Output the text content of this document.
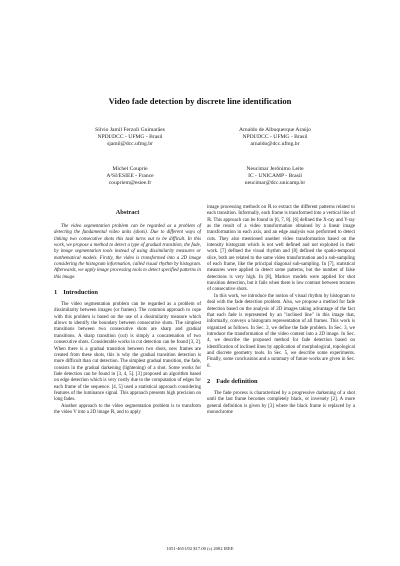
Video fade detection by discrete line identification
Silvio Jamil Ferzoli Guimarães
NPDI/DCC - UFMG - Brasil
sjamil@dcc.ufmg.br
Arnaldo de Albuquerque Araújo
NPDI/DCC - UFMG - Brasil
arnaldo@dcc.ufmg.br
Michel Couprie
A²SI/ESIEE - France
coupriem@esiee.fr
Neucimar Jerônimo Leite
IC - UNICAMP - Brasil
neucimar@dcc.unicamp.br
Abstract

The video segmentation problem can be regarded as a problem of detecting the fundamental video units (shots). Due to different ways of linking two consecutive shots this task turns out to be difficult. In this work, we propose a method to detect a type of gradual transition, the fade, by image segmentation tools instead of using dissimilarity measures or mathematical models. Firstly, the video is transformed into a 2D image considering the histogram information, called visual rhythm by histogram. Afterwards, we apply image processing tools to detect specified patterns in this image.

1 Introduction

The video segmentation problem can be regarded as a problem of dissimilarity between images (or frames). The common approach to cope with this problem is based on the use of a dissimilarity measure which allows to identify the boundary between consecutive shots. The simplest transitions between two consecutive shots are sharp and gradual transitions. A sharp transition (cut) is simply a concatenation of two consecutive shots. Considerable works in cut detection can be found [3, 2]. When there is a gradual transition between two shots, new frames are created from these shots, this is why the gradual transition detection is more difficult than cut detection. The simplest gradual transition, the fade, consists in the gradual darkening (lightening) of a shot. Some works for fade detection can be found in [3, 4, 5]. [3] proposed an algorithm based on edge detection which is very costly due to the computation of edges for each frame of the sequence. [4, 5] used a statistical approach considering features of the luminance signal. This approach presents high precision on long fades.

Another approach to the video segmentation problem is to transform the video V into a 2D image ℝ, and to apply

image processing methods on ℝ to extract the different patterns related to each transition. Informally, each frame is transformed into a vertical line of ℝ. This approach can be found in [6, 7, 8]. [6] defined the X-ray and Y-ray as the result of a video transformation obtained by a linear image transformation in each axis, and an edge analysis was performed to detect cuts. They also mentioned another video transformation based on the intensity histogram which is not well defined and not exploited in their work. [7] defined the visual rhythm and [8] defined the spatio-temporal slice, both are related to the same video transformation and a sub-sampling of each frame, like the principal diagonal sub-sampling. In [7], statistical measures were applied to detect some patterns, but the number of false detections is very high. In [8], Markov models were applied for shot transition detection, but it fails when there is low contrast between textures of consecutive shots.

In this work, we introduce the notion of visual rhythm by histogram to deal with the fade detection problem. Also, we propose a method for fade detection based on the analysis of 2D images taking advantage of the fact that each fade is represented by an "inclined line" in this image that, informally, conveys a histogram representation of all frames. This work is organized as follows. In Sec. 2, we define the fade problem. In Sec. 3, we introduce the transformation of the video content into a 2D image. In Sec. 4, we describe the proposed method for fade detection based on identification of inclined lines by application of morphological, topological and discrete geometry tools. In Sec. 5, we describe some experiments. Finally, some conclusions and a summary of future works are given in Sec. 6.

2 Fade definition

The fade process is characterized by a progressive darkening of a shot until the last frame becomes completely black, or inversely [2]. A more general definition is given by [3] where the black frame is replaced by a monochrome

1051-4651/02 $17.00 (c) 2002 IEEE
